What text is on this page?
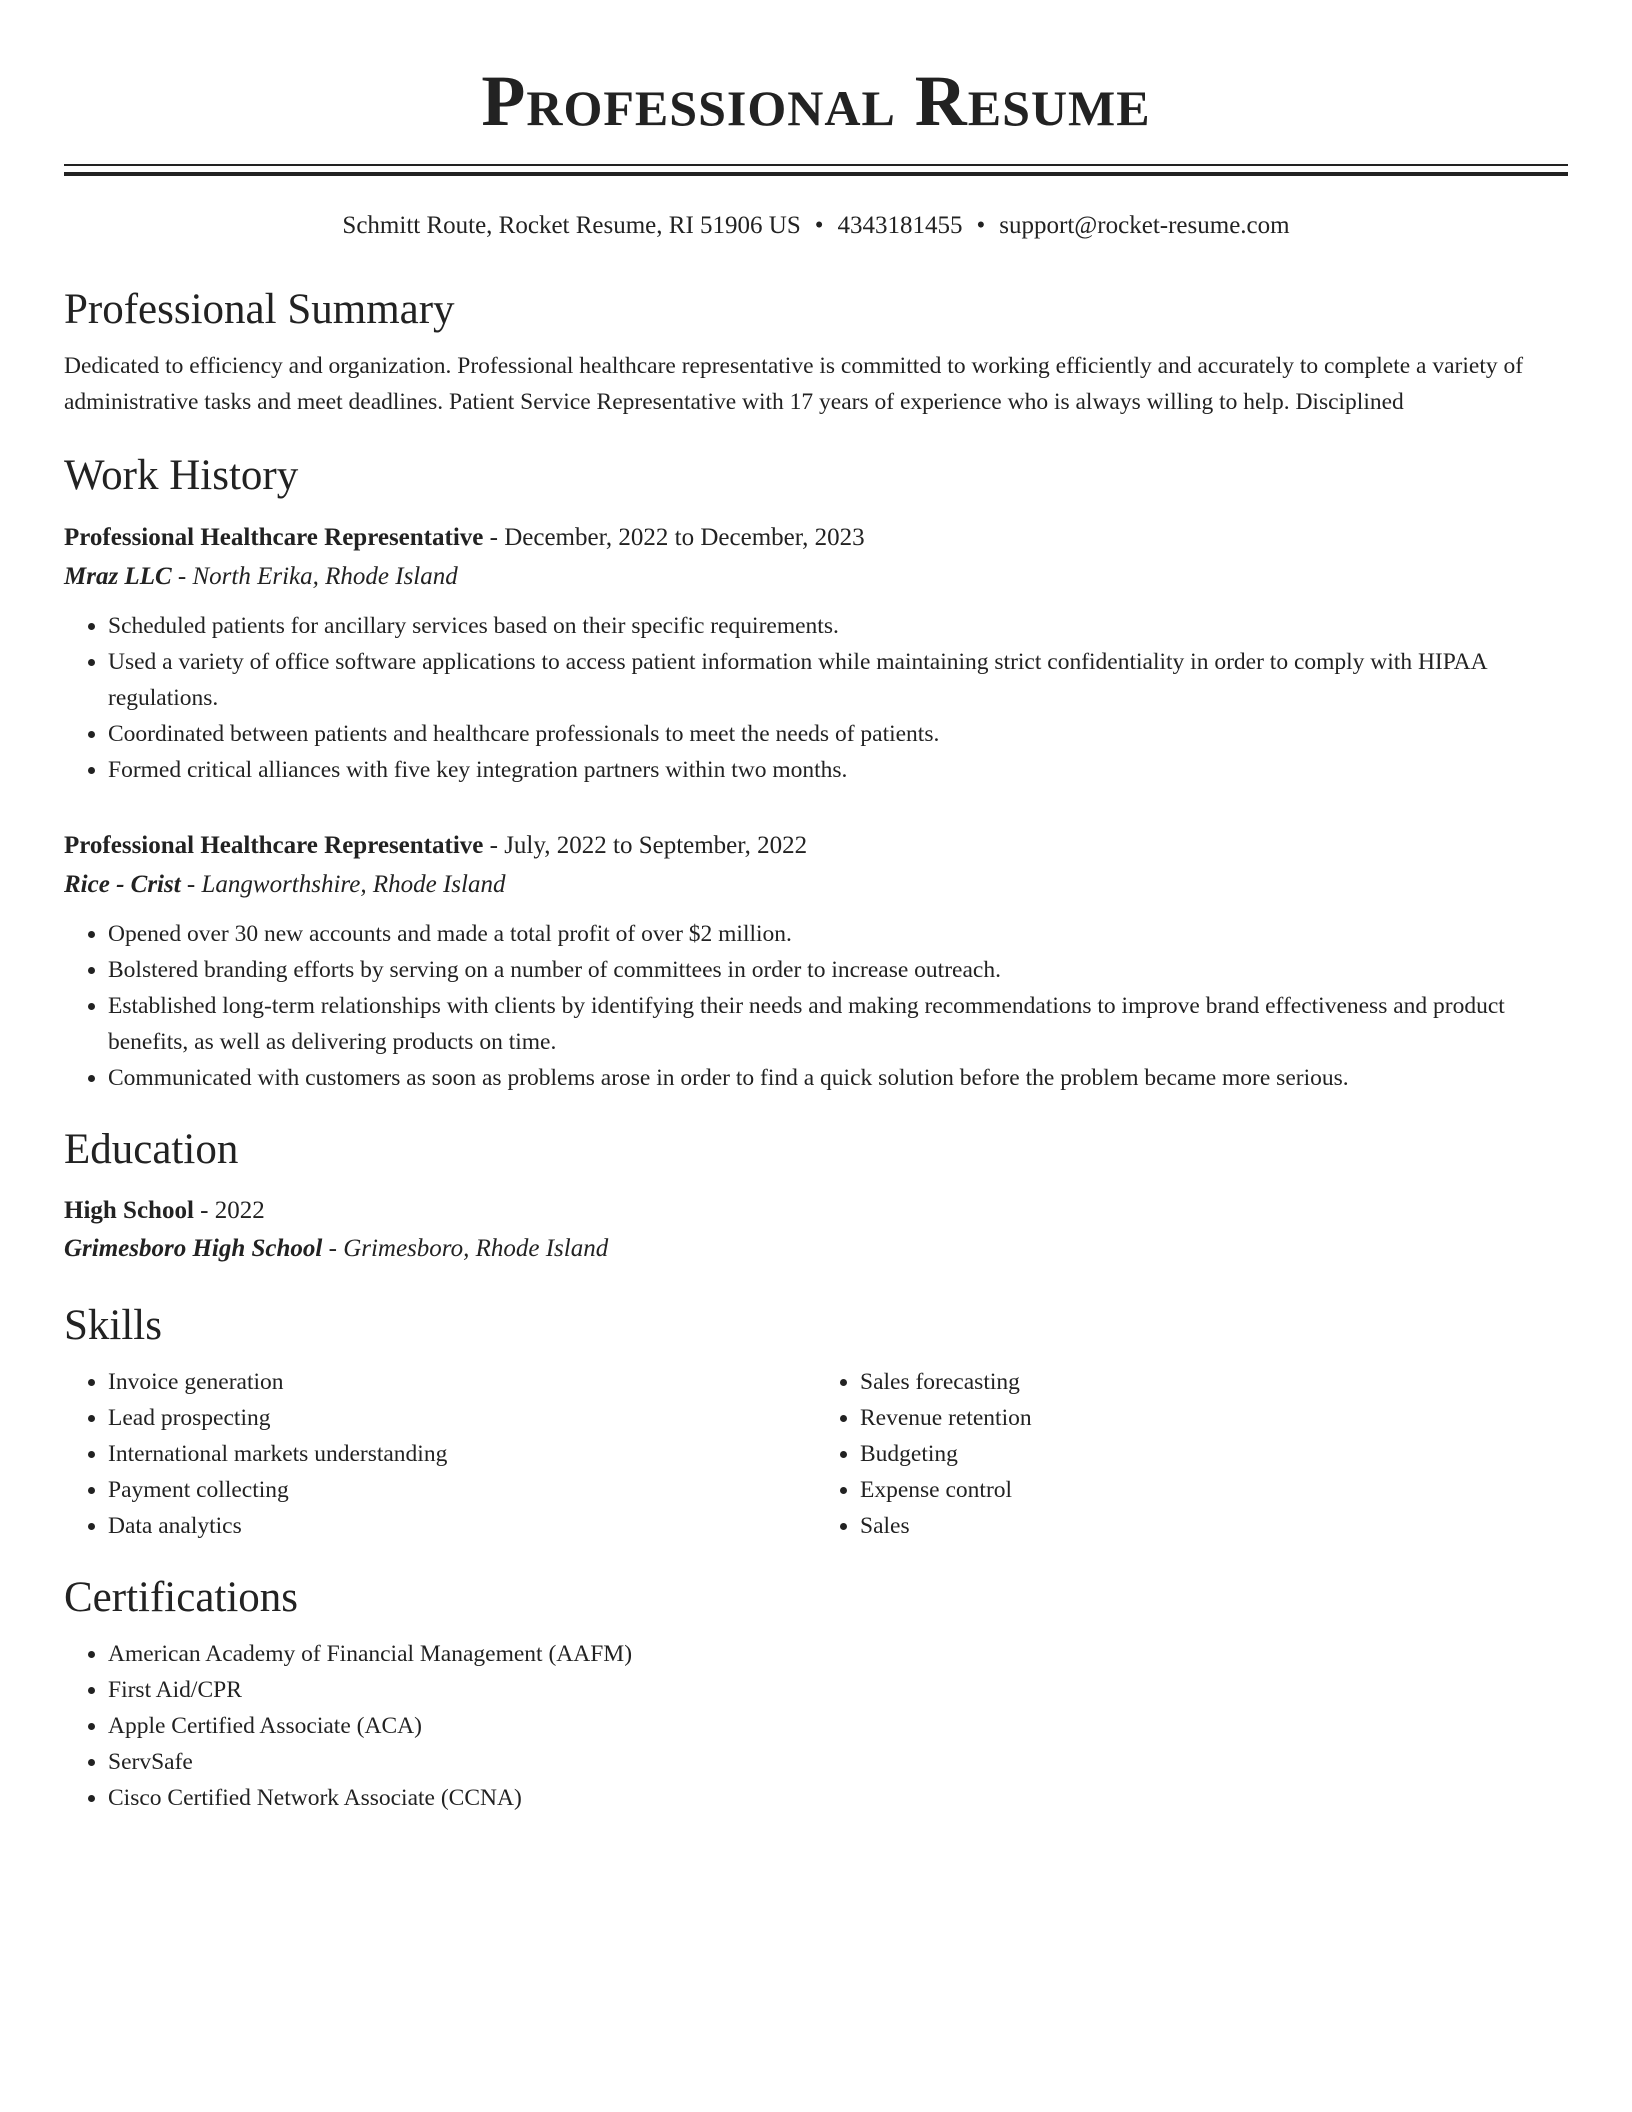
Professional Resume
Schmitt Route, Rocket Resume, RI 51906 US • 4343181455 • support@rocket-resume.com
Professional Summary

Dedicated to efficiency and organization. Professional healthcare representative is committed to working efficiently and accurately to complete a variety of administrative tasks and meet deadlines. Patient Service Representative with 17 years of experience who is always willing to help. Disciplined

Work History
Professional Healthcare Representative - December, 2022 to December, 2023
Mraz LLC - North Erika, Rhode Island
• Scheduled patients for ancillary services based on their specific requirements.
• Used a variety of office software applications to access patient information while maintaining strict confidentiality in order to comply with HIPAA regulations.
• Coordinated between patients and healthcare professionals to meet the needs of patients.
• Formed critical alliances with five key integration partners within two months.
Professional Healthcare Representative - July, 2022 to September, 2022
Rice - Crist - Langworthshire, Rhode Island
• Opened over 30 new accounts and made a total profit of over $2 million.
• Bolstered branding efforts by serving on a number of committees in order to increase outreach.
• Established long-term relationships with clients by identifying their needs and making recommendations to improve brand effectiveness and product benefits, as well as delivering products on time.
• Communicated with customers as soon as problems arose in order to find a quick solution before the problem became more serious.
Education
High School - 2022
Grimesboro High School - Grimesboro, Rhode Island
Skills
• Invoice generation
• Lead prospecting
• International markets understanding
• Payment collecting
• Data analytics
• Sales forecasting
• Revenue retention
• Budgeting
• Expense control
• Sales
Certifications
• American Academy of Financial Management (AAFM)
• First Aid/CPR
• Apple Certified Associate (ACA)
• ServSafe
• Cisco Certified Network Associate (CCNA)
